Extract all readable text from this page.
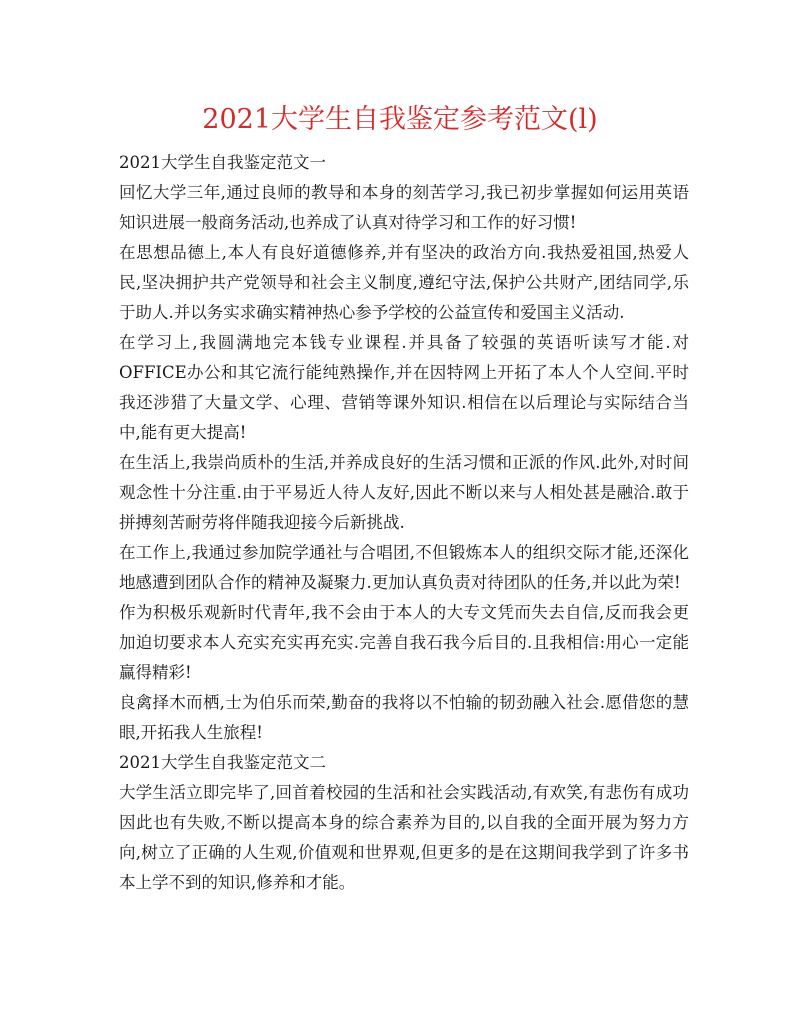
2021大学生自我鉴定参考范文(l)

2021大学生自我鉴定范文一

回忆大学三年,通过良师的教导和本身的刻苦学习,我已初步掌握如何运用英语知识进展一般商务活动,也养成了认真对待学习和工作的好习惯!

在思想品德上,本人有良好道德修养,并有坚决的政治方向.我热爱祖国,热爱人民,坚决拥护共产党领导和社会主义制度,遵纪守法,保护公共财产,团结同学,乐于助人.并以务实求确实精神热心参予学校的公益宣传和爱国主义活动.

在学习上,我圆满地完本钱专业课程.并具备了较强的英语听读写才能.对OFFICE办公和其它流行能纯熟操作,并在因特网上开拓了本人个人空间.平时我还涉猎了大量文学、心理、营销等课外知识.相信在以后理论与实际结合当中,能有更大提高!

在生活上,我崇尚质朴的生活,并养成良好的生活习惯和正派的作风.此外,对时间观念性十分注重.由于平易近人待人友好,因此不断以来与人相处甚是融洽.敢于拼搏刻苦耐劳将伴随我迎接今后新挑战.

在工作上,我通过参加院学通社与合唱团,不但锻炼本人的组织交际才能,还深化地感遭到团队合作的精神及凝聚力.更加认真负责对待团队的任务,并以此为荣!

作为积极乐观新时代青年,我不会由于本人的大专文凭而失去自信,反而我会更加迫切要求本人充实充实再充实.完善自我石我今后目的.且我相信:用心一定能赢得精彩!

良禽择木而栖,士为伯乐而荣,勤奋的我将以不怕输的韧劲融入社会.愿借您的慧眼,开拓我人生旅程!

2021大学生自我鉴定范文二

大学生活立即完毕了,回首着校园的生活和社会实践活动,有欢笑,有悲伤有成功因此也有失败,不断以提高本身的综合素养为目的,以自我的全面开展为努力方向,树立了正确的人生观,价值观和世界观,但更多的是在这期间我学到了许多书本上学不到的知识,修养和才能。
